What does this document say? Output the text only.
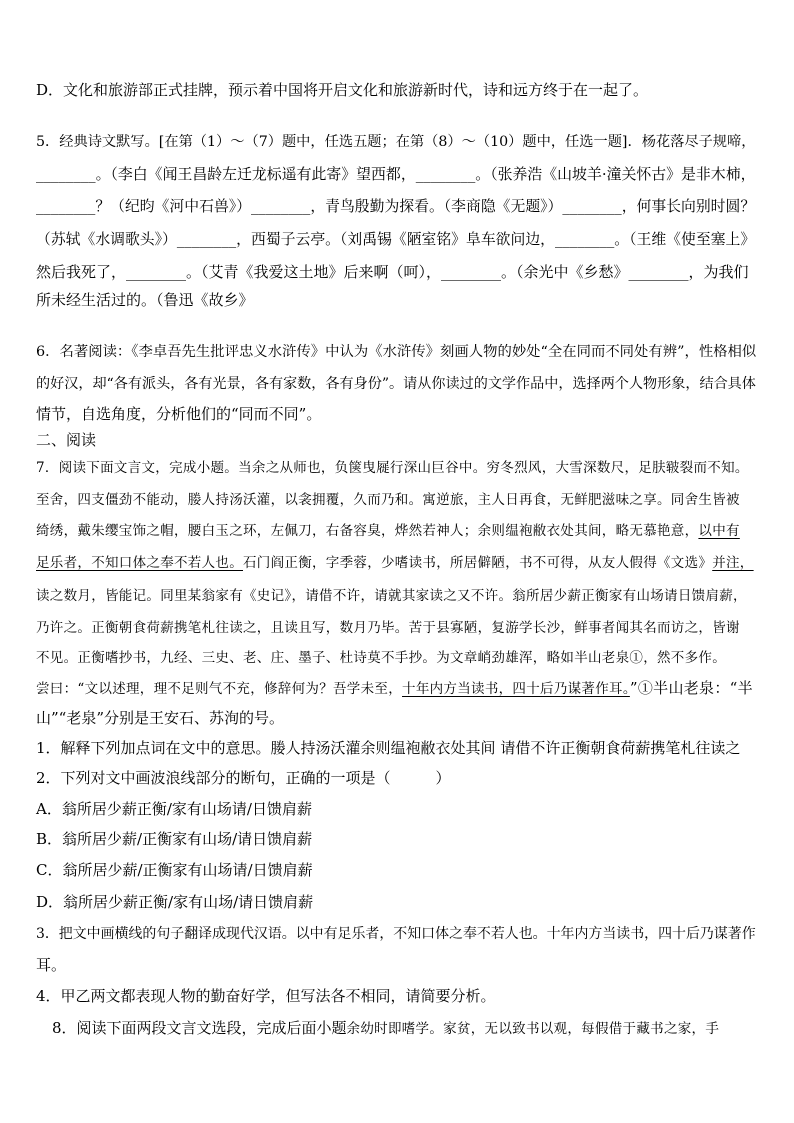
D．文化和旅游部正式挂牌，预示着中国将开启文化和旅游新时代，诗和远方终于在一起了。
5．经典诗文默写。[在第（1）～（7）题中，任选五题；在第（8）～（10）题中，任选一题]．杨花落尽子规啼，
________。（李白《闻王昌龄左迁龙标遥有此寄》望西都，________。（张养浩《山坡羊·潼关怀古》是非木柿，
________？（纪昀《河中石兽》）________，青鸟殷勤为探看。（李商隐《无题》）________，何事长向别时圆？
（苏轼《水调歌头》）________，西蜀子云亭。（刘禹锡《陋室铭》阜车欲问边，________。（王维《使至塞上》
然后我死了，________。（艾青《我爱这土地》后来啊（呵），________。（余光中《乡愁》________，为我们
所未经生活过的。（鲁迅《故乡》
6．名著阅读：《李卓吾先生批评忠义水浒传》中认为《水浒传》刻画人物的妙处“全在同而不同处有辨”，性格相似
的好汉，却“各有派头，各有光景，各有家数，各有身份”。请从你读过的文学作品中，选择两个人物形象，结合具体
情节，自选角度，分析他们的“同而不同”。
二、阅读
7．阅读下面文言文，完成小题。当余之从师也，负箧曳屣行深山巨谷中。穷冬烈风，大雪深数尺，足肤皲裂而不知。
至舍，四支僵劲不能动，媵人持汤沃灌，以衾拥覆，久而乃和。寓逆旅，主人日再食，无鲜肥滋味之享。同舍生皆被
绮绣，戴朱缨宝饰之帽，腰白玉之环，左佩刀，右备容臭，烨然若神人；余则缊袍敝衣处其间，略无慕艳意，以中有
足乐者，不知口体之奉不若人也。石门阎正衡，字季蓉，少嗜读书，所居僻陋，书不可得，从友人假得《文选》并注，
读之数月，皆能记。同里某翁家有《史记》，请借不许，请就其家读之又不许。翁所居少薪正衡家有山场请日馈肩薪，
乃许之。正衡朝食荷薪携笔札往读之，且读且写，数月乃毕。苦于县寡陋，复游学长沙，鲜事者闻其名而访之，皆谢
不见。正衡嗜抄书，九经、三史、老、庄、墨子、杜诗莫不手抄。为文章峭劲雄浑，略如半山老泉①，然不多作。
尝曰：“文以述理，理不足则气不充，修辞何为？吾学未至，十年内方当读书，四十后乃谋著作耳。”①半山老泉：“半
山”“老泉”分别是王安石、苏洵的号。
1．解释下列加点词在文中的意思。媵人持汤沃灌余则缊袍敝衣处其间 请借不许正衡朝食荷薪携笔札往读之
2．下列对文中画波浪线部分的断句，正确的一项是（　　　）
A．翁所居少薪正衡/家有山场请/日馈肩薪
B．翁所居少薪/正衡家有山场/请日馈肩薪
C．翁所居少薪/正衡家有山场请/日馈肩薪
D．翁所居少薪正衡/家有山场/请日馈肩薪
3．把文中画横线的句子翻译成现代汉语。以中有足乐者，不知口体之奉不若人也。十年内方当读书，四十后乃谋著作
耳。
4．甲乙两文都表现人物的勤奋好学，但写法各不相同，请简要分析。
8．阅读下面两段文言文选段，完成后面小题余幼时即嗜学。家贫，无以致书以观，每假借于藏书之家，手
